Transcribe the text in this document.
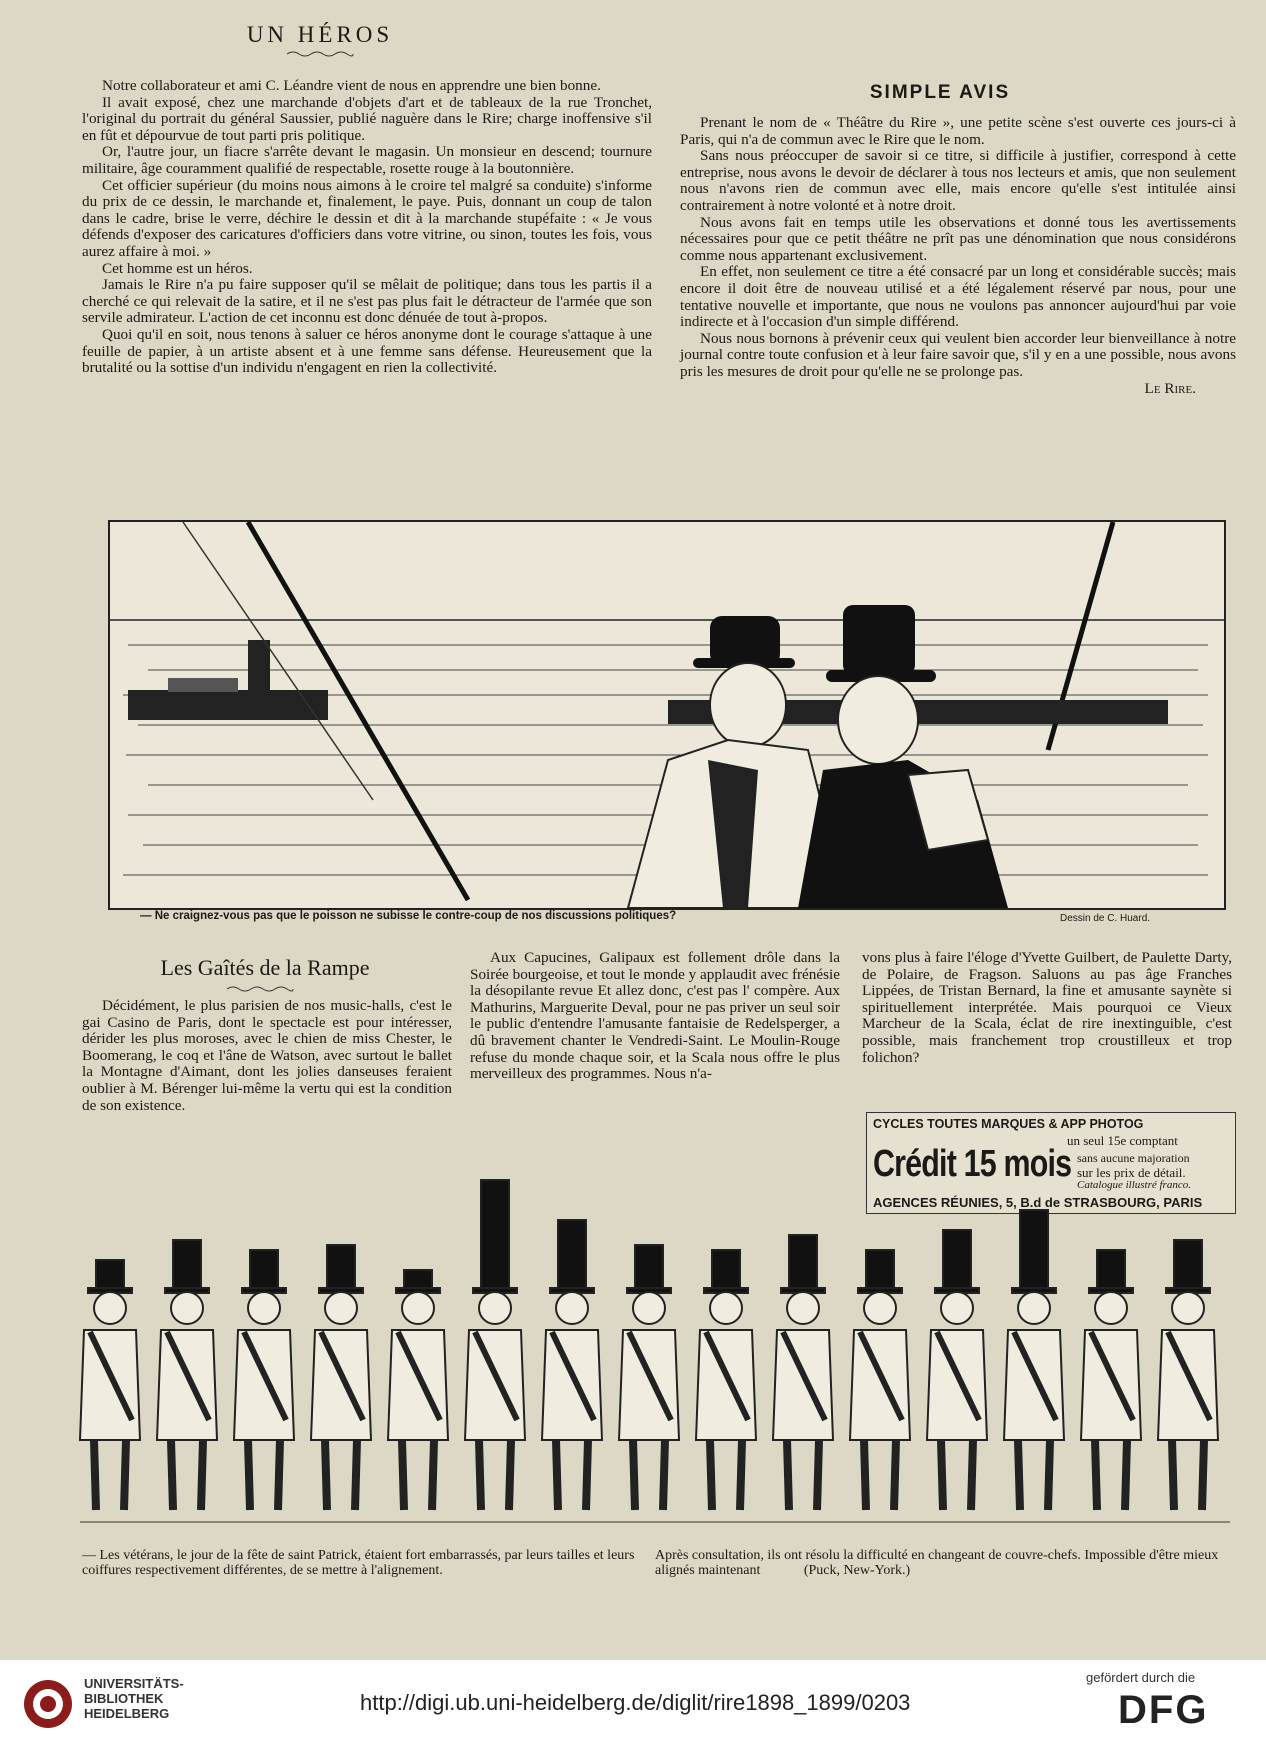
UN HÉROS

Notre collaborateur et ami C. Léandre vient de nous en apprendre une bien bonne.

Il avait exposé, chez une marchande d'objets d'art et de tableaux de la rue Tronchet, l'original du portrait du général Saussier, publié naguère dans le Rire; charge inoffensive s'il en fût et dépourvue de tout parti pris politique.

Or, l'autre jour, un fiacre s'arrête devant le magasin. Un monsieur en descend; tournure militaire, âge couramment qualifié de respectable, rosette rouge à la boutonnière.

Cet officier supérieur (du moins nous aimons à le croire tel malgré sa conduite) s'informe du prix de ce dessin, le marchande et, finalement, le paye. Puis, donnant un coup de talon dans le cadre, brise le verre, déchire le dessin et dit à la marchande stupéfaite : « Je vous défends d'exposer des caricatures d'officiers dans votre vitrine, ou sinon, toutes les fois, vous aurez affaire à moi. »

Cet homme est un héros.

Jamais le Rire n'a pu faire supposer qu'il se mêlait de politique; dans tous les partis il a cherché ce qui relevait de la satire, et il ne s'est pas plus fait le détracteur de l'armée que son servile admirateur. L'action de cet inconnu est donc dénuée de tout à-propos.

Quoi qu'il en soit, nous tenons à saluer ce héros anonyme dont le courage s'attaque à une feuille de papier, à un artiste absent et à une femme sans défense. Heureusement que la brutalité ou la sottise d'un individu n'engagent en rien la collectivité.

SIMPLE AVIS

Prenant le nom de « Théâtre du Rire », une petite scène s'est ouverte ces jours-ci à Paris, qui n'a de commun avec le Rire que le nom.

Sans nous préoccuper de savoir si ce titre, si difficile à justifier, correspond à cette entreprise, nous avons le devoir de déclarer à tous nos lecteurs et amis, que non seulement nous n'avons rien de commun avec elle, mais encore qu'elle s'est intitulée ainsi contrairement à notre volonté et à notre droit.

Nous avons fait en temps utile les observations et donné tous les avertissements nécessaires pour que ce petit théâtre ne prît pas une dénomination que nous considérons comme nous appartenant exclusivement.

En effet, non seulement ce titre a été consacré par un long et considérable succès; mais encore il doit être de nouveau utilisé et a été légalement réservé par nous, pour une tentative nouvelle et importante, que nous ne voulons pas annoncer aujourd'hui par voie indirecte et à l'occasion d'un simple différend.

Nous nous bornons à prévenir ceux qui veulent bien accorder leur bienveillance à notre journal contre toute confusion et à leur faire savoir que, s'il y en a une possible, nous avons pris les mesures de droit pour qu'elle ne se prolonge pas.

Le Rire.
— Ne craignez-vous pas que le poisson ne subisse le contre-coup de nos discussions politiques?	Dessin de C. Huard.
Les Gaîtés de la Rampe
Décidément, le plus parisien de nos music-halls, c'est le gai Casino de Paris, dont le spectacle est pour intéresser, dérider les plus moroses, avec le chien de miss Chester, le Boomerang, le coq et l'âne de Watson, avec surtout le ballet la Montagne d'Aimant, dont les jolies danseuses feraient oublier à M. Bérenger lui-même la vertu qui est la condition de son existence.
Aux Capucines, Galipaux est follement drôle dans la Soirée bourgeoise, et tout le monde y applaudit avec frénésie la désopilante revue Et allez donc, c'est pas l' compère. Aux Mathurins, Marguerite Deval, pour ne pas priver un seul soir le public d'entendre l'amusante fantaisie de Redelsperger, a dû bravement chanter le Vendredi-Saint. Le Moulin-Rouge refuse du monde chaque soir, et la Scala nous offre le plus merveilleux des programmes. Nous n'a-
vons plus à faire l'éloge d'Yvette Guilbert, de Paulette Darty, de Polaire, de Fragson. Saluons au pas âge Franches Lippées, de Tristan Bernard, la fine et amusante saynète si spirituellement interprétée. Mais pourquoi ce Vieux Marcheur de la Scala, éclat de rire inextinguible, c'est possible, mais franchement trop croustilleux et trop folichon?
CYCLES TOUTES MARQUES & APP PHOTOG
un seul 15e comptant
Crédit 15 mois sans aucune majoration
sur les prix de détail.
Catalogue illustré franco.
AGENCES RÉUNIES, 5, B.d de STRASBOURG, PARIS
— Les vétérans, le jour de la fête de saint Patrick, étaient fort embarrassés, par leurs tailles et leurs coiffures respectivement différentes, de se mettre à l'alignement.
Après consultation, ils ont résolu la difficulté en changeant de couvre-chefs. Impossible d'être mieux alignés maintenant	(Puck, New-York.)
UNIVERSITÄTS-
BIBLIOTHEK
HEIDELBERG	http://digi.ub.uni-heidelberg.de/diglit/rire1898_1899/0203
gefördert durch die
DFG
